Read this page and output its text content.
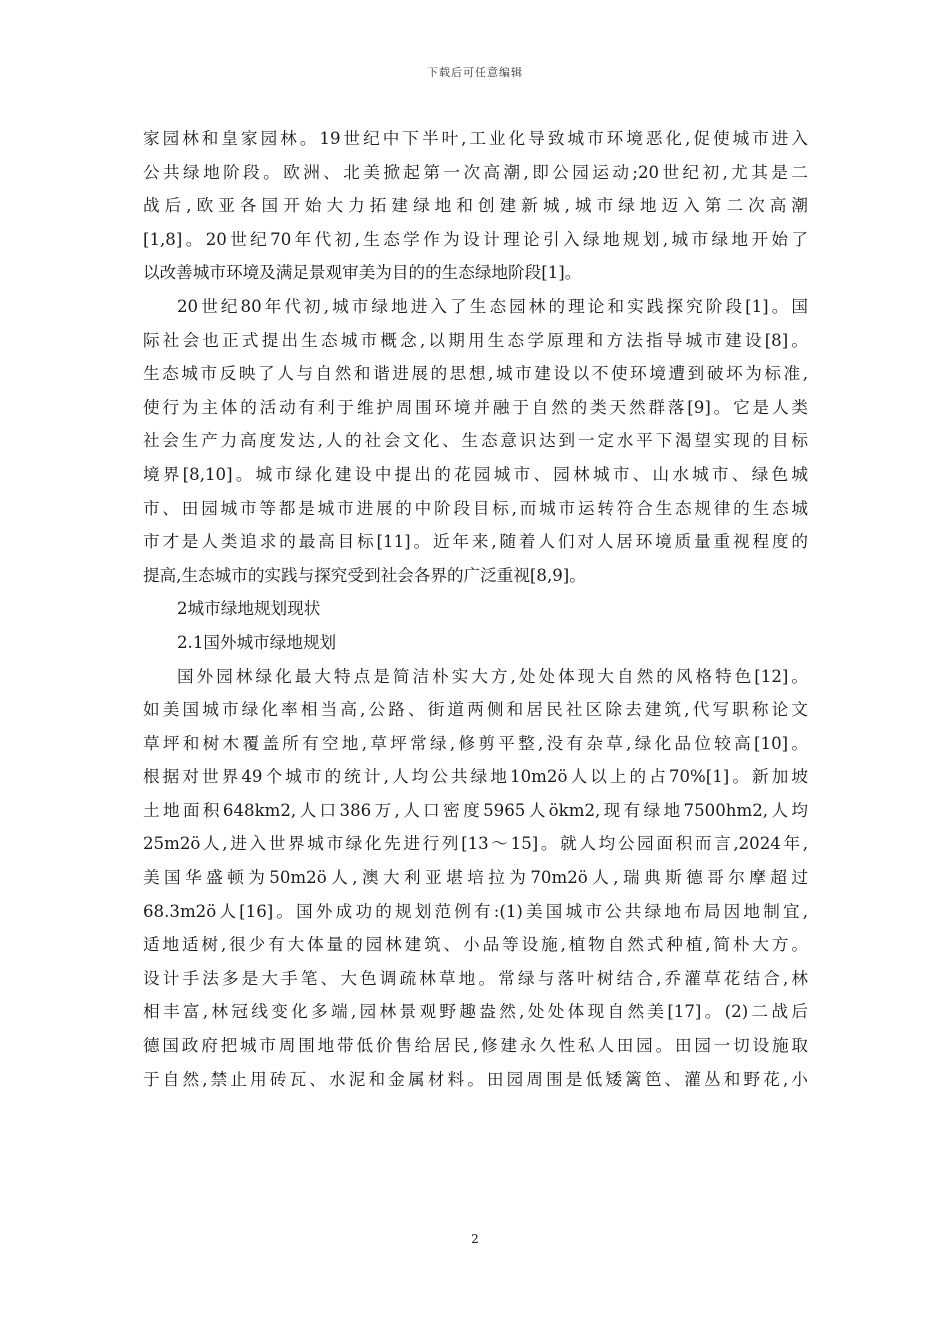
下载后可任意编辑
家园林和皇家园林。19世纪中下半叶,工业化导致城市环境恶化,促使城市进入
公共绿地阶段。欧洲、北美掀起第一次高潮,即公园运动;20世纪初,尤其是二
战后,欧亚各国开始大力拓建绿地和创建新城,城市绿地迈入第二次高潮
[1,8]。20世纪70年代初,生态学作为设计理论引入绿地规划,城市绿地开始了
以改善城市环境及满足景观审美为目的的生态绿地阶段[1]。
20世纪80年代初,城市绿地进入了生态园林的理论和实践探究阶段[1]。国
际社会也正式提出生态城市概念,以期用生态学原理和方法指导城市建设[8]。
生态城市反映了人与自然和谐进展的思想,城市建设以不使环境遭到破坏为标准,
使行为主体的活动有利于维护周围环境并融于自然的类天然群落[9]。它是人类
社会生产力高度发达,人的社会文化、生态意识达到一定水平下渴望实现的目标
境界[8,10]。城市绿化建设中提出的花园城市、园林城市、山水城市、绿色城
市、田园城市等都是城市进展的中阶段目标,而城市运转符合生态规律的生态城
市才是人类追求的最高目标[11]。近年来,随着人们对人居环境质量重视程度的
提高,生态城市的实践与探究受到社会各界的广泛重视[8,9]。
2城市绿地规划现状
2.1国外城市绿地规划
国外园林绿化最大特点是简洁朴实大方,处处体现大自然的风格特色[12]。
如美国城市绿化率相当高,公路、街道两侧和居民社区除去建筑,代写职称论文
草坪和树木覆盖所有空地,草坪常绿,修剪平整,没有杂草,绿化品位较高[10]。
根据对世界49个城市的统计,人均公共绿地10m2ö人以上的占70%[1]。新加坡
土地面积648km2,人口386万,人口密度5965人ökm2,现有绿地7500hm2,人均
25m2ö人,进入世界城市绿化先进行列[13～15]。就人均公园面积而言,2024年,
美国华盛顿为50m2ö人,澳大利亚堪培拉为70m2ö人,瑞典斯德哥尔摩超过
68.3m2ö人[16]。国外成功的规划范例有:(1)美国城市公共绿地布局因地制宜,
适地适树,很少有大体量的园林建筑、小品等设施,植物自然式种植,简朴大方。
设计手法多是大手笔、大色调疏林草地。常绿与落叶树结合,乔灌草花结合,林
相丰富,林冠线变化多端,园林景观野趣盎然,处处体现自然美[17]。(2)二战后
德国政府把城市周围地带低价售给居民,修建永久性私人田园。田园一切设施取
于自然,禁止用砖瓦、水泥和金属材料。田园周围是低矮篱笆、灌丛和野花,小
2
